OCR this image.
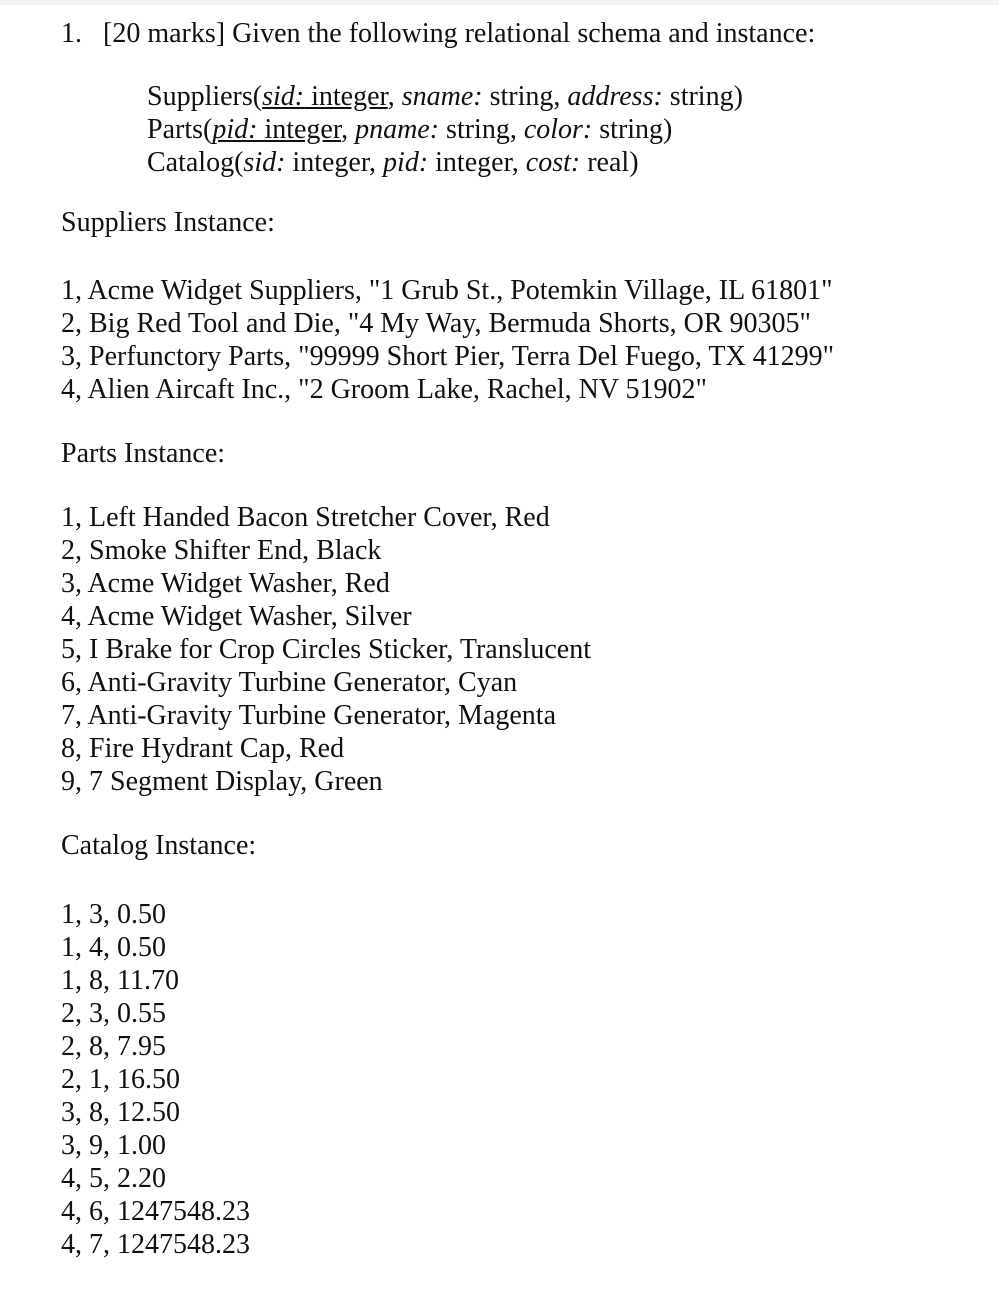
1. [20 marks] Given the following relational schema and instance:
Suppliers(sid: integer, sname: string, address: string)
Parts(pid: integer, pname: string, color: string)
Catalog(sid: integer, pid: integer, cost: real)
Suppliers Instance:
1, Acme Widget Suppliers, "1 Grub St., Potemkin Village, IL 61801"
2, Big Red Tool and Die, "4 My Way, Bermuda Shorts, OR 90305"
3, Perfunctory Parts, "99999 Short Pier, Terra Del Fuego, TX 41299"
4, Alien Aircaft Inc., "2 Groom Lake, Rachel, NV 51902"
Parts Instance:
1, Left Handed Bacon Stretcher Cover, Red
2, Smoke Shifter End, Black
3, Acme Widget Washer, Red
4, Acme Widget Washer, Silver
5, I Brake for Crop Circles Sticker, Translucent
6, Anti-Gravity Turbine Generator, Cyan
7, Anti-Gravity Turbine Generator, Magenta
8, Fire Hydrant Cap, Red
9, 7 Segment Display, Green
Catalog Instance:
1, 3, 0.50
1, 4, 0.50
1, 8, 11.70
2, 3, 0.55
2, 8, 7.95
2, 1, 16.50
3, 8, 12.50
3, 9, 1.00
4, 5, 2.20
4, 6, 1247548.23
4, 7, 1247548.23
